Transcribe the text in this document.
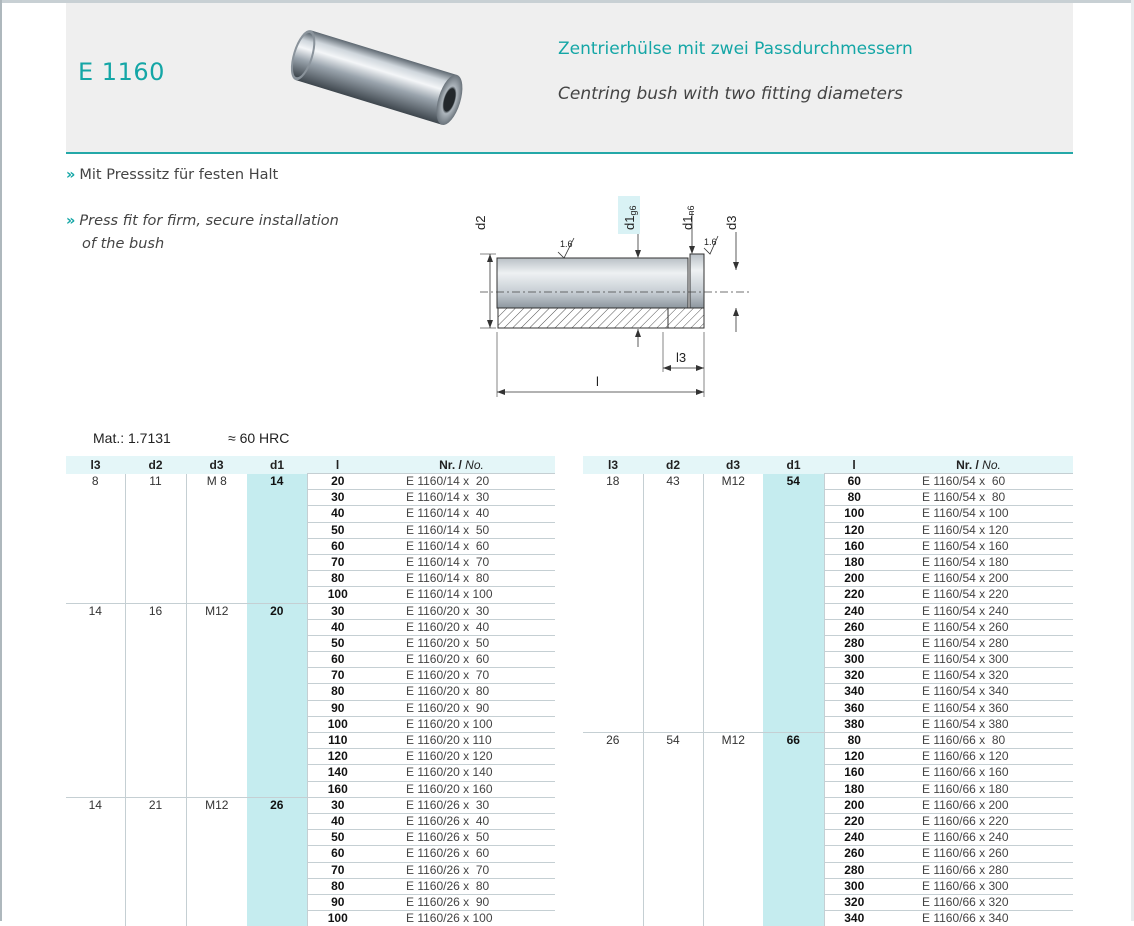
E 1160
Zentrierhülse mit zwei Passdurchmessern
Centring bush with two fitting diameters
» Mit Presssitz für festen Halt
» Press fit for firm, secure installation
of the bush
d2	d1g6
d1n6
d3
1.6	1.6
l3
l
Mat.: 1.7131	≈ 60 HRC
l3	d2	d3	d1	l	Nr. / No.
8	11	M 8	14	20	E 1160/14 x  20
				30	E 1160/14 x  30
				40	E 1160/14 x  40
				50	E 1160/14 x  50
				60	E 1160/14 x  60
				70	E 1160/14 x  70
				80	E 1160/14 x  80
				100	E 1160/14 x 100
14	16	M12	20	30	E 1160/20 x  30
				40	E 1160/20 x  40
				50	E 1160/20 x  50
				60	E 1160/20 x  60
				70	E 1160/20 x  70
				80	E 1160/20 x  80
				90	E 1160/20 x  90
				100	E 1160/20 x 100
				110	E 1160/20 x 110
				120	E 1160/20 x 120
				140	E 1160/20 x 140
				160	E 1160/20 x 160
14	21	M12	26	30	E 1160/26 x  30
				40	E 1160/26 x  40
				50	E 1160/26 x  50
				60	E 1160/26 x  60
				70	E 1160/26 x  70
				80	E 1160/26 x  80
				90	E 1160/26 x  90
				100	E 1160/26 x 100
l3	d2	d3	d1	l	Nr. / No.
18	43	M12	54	60	E 1160/54 x  60
				80	E 1160/54 x  80
				100	E 1160/54 x 100
				120	E 1160/54 x 120
				160	E 1160/54 x 160
				180	E 1160/54 x 180
				200	E 1160/54 x 200
				220	E 1160/54 x 220
				240	E 1160/54 x 240
				260	E 1160/54 x 260
				280	E 1160/54 x 280
				300	E 1160/54 x 300
				320	E 1160/54 x 320
				340	E 1160/54 x 340
				360	E 1160/54 x 360
				380	E 1160/54 x 380
26	54	M12	66	80	E 1160/66 x  80
				120	E 1160/66 x 120
				160	E 1160/66 x 160
				180	E 1160/66 x 180
				200	E 1160/66 x 200
				220	E 1160/66 x 220
				240	E 1160/66 x 240
				260	E 1160/66 x 260
				280	E 1160/66 x 280
				300	E 1160/66 x 300
				320	E 1160/66 x 320
				340	E 1160/66 x 340
